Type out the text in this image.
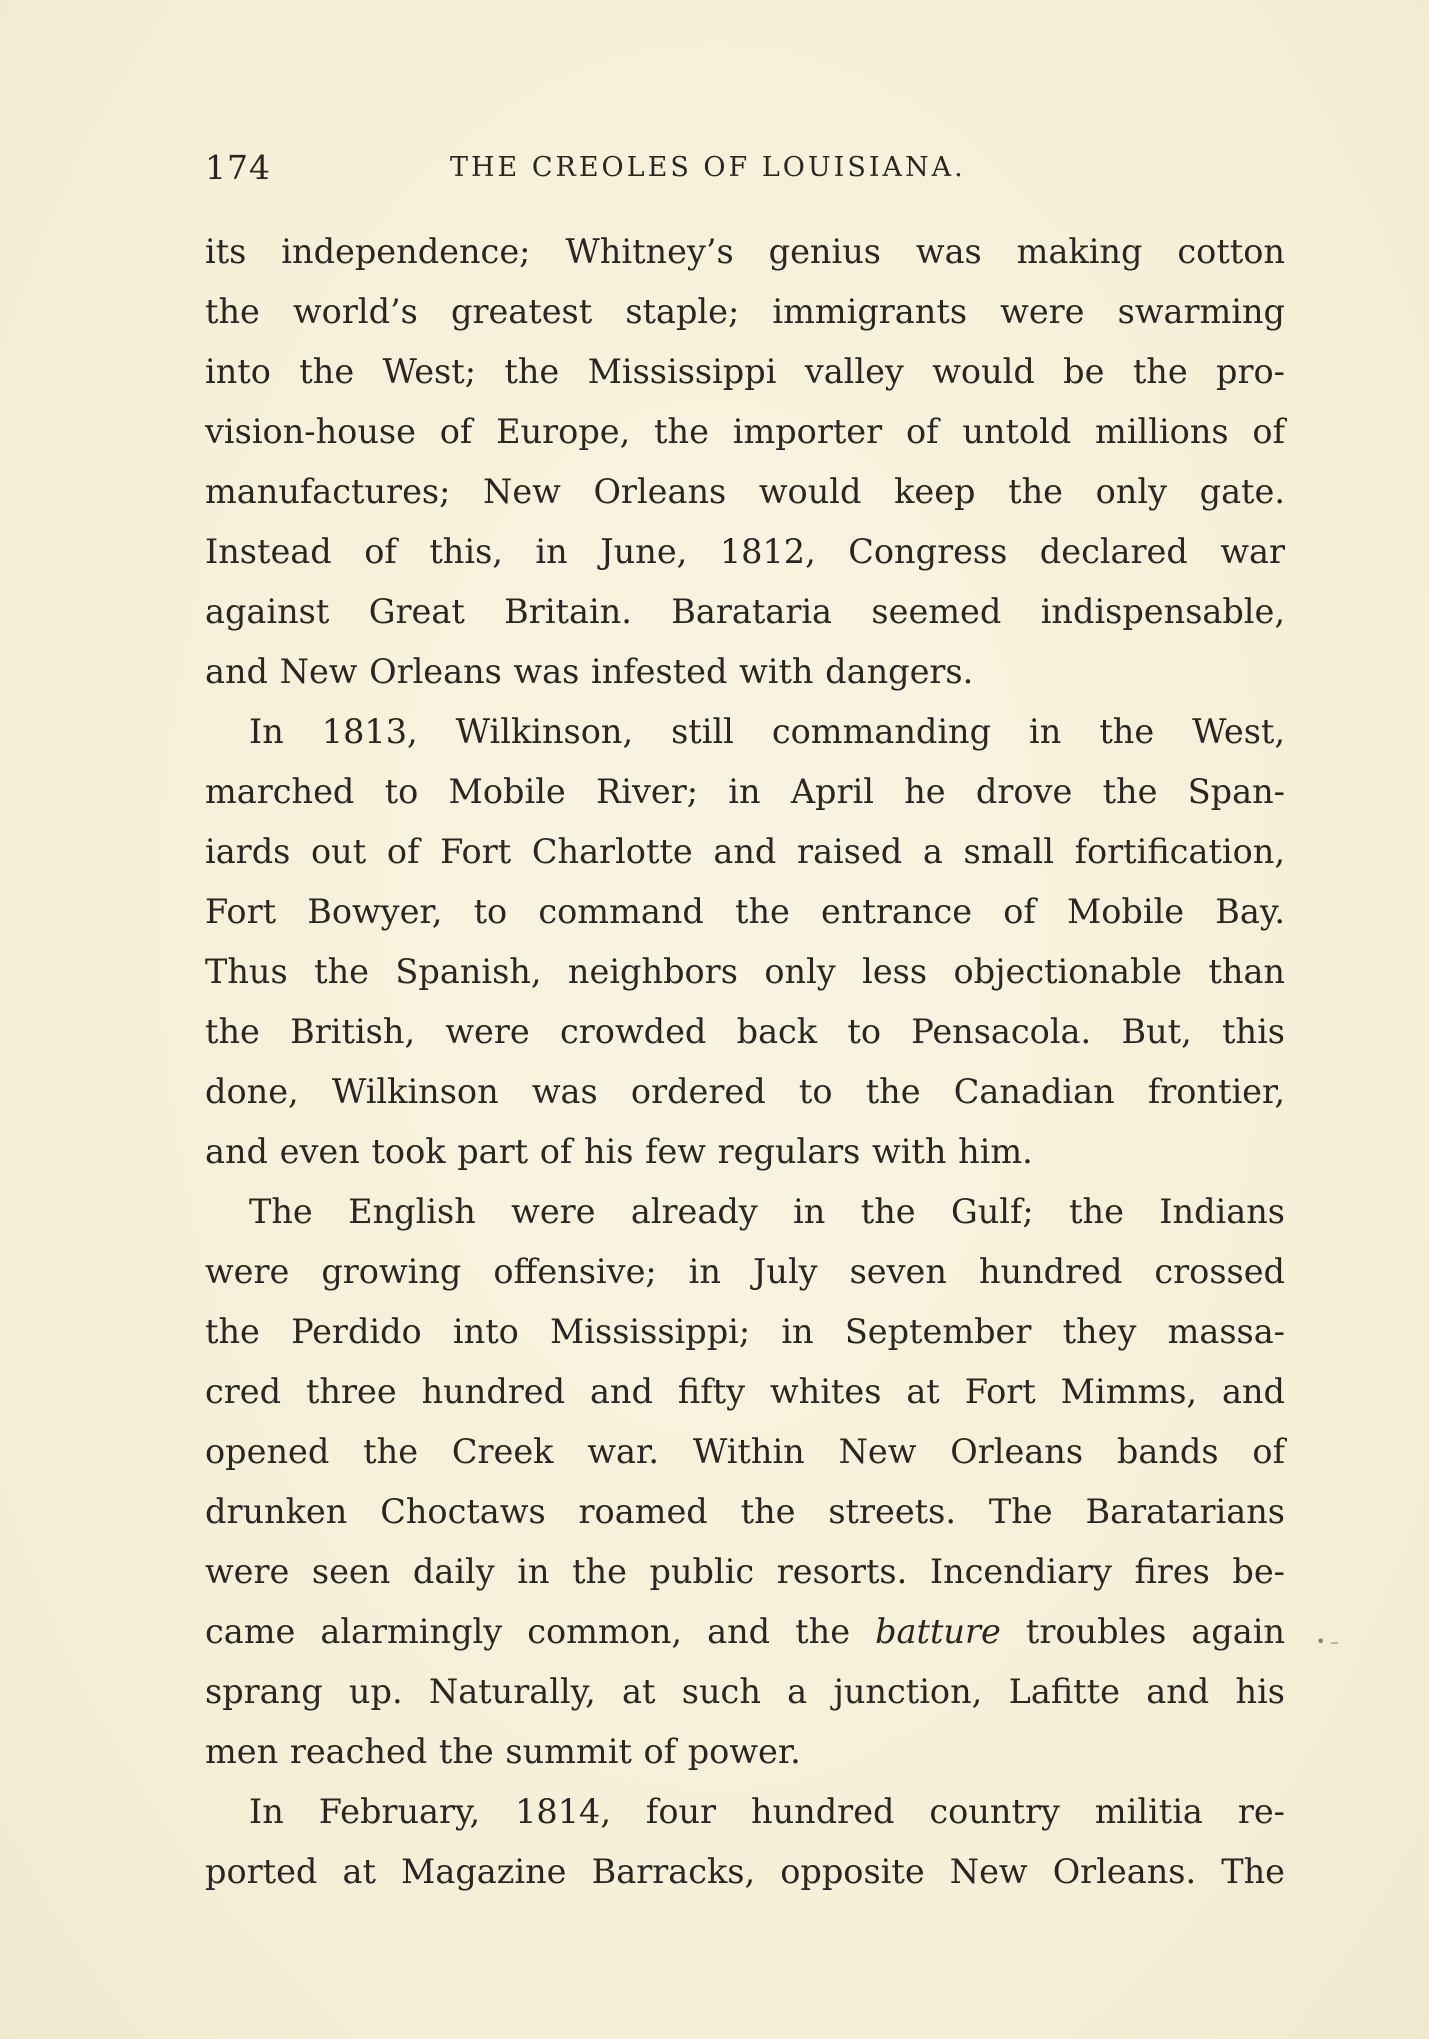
174	THE CREOLES OF LOUISIANA.
its independence; Whitney’s genius was making cotton
the world’s greatest staple; immigrants were swarming
into the West; the Mississippi valley would be the pro-
vision-house of Europe, the importer of untold millions of
manufactures; New Orleans would keep the only gate.
Instead of this, in June, 1812, Congress declared war
against Great Britain. Barataria seemed indispensable,
and New Orleans was infested with dangers.
In 1813, Wilkinson, still commanding in the West,
marched to Mobile River; in April he drove the Span-
iards out of Fort Charlotte and raised a small fortification,
Fort Bowyer, to command the entrance of Mobile Bay.
Thus the Spanish, neighbors only less objectionable than
the British, were crowded back to Pensacola. But, this
done, Wilkinson was ordered to the Canadian frontier,
and even took part of his few regulars with him.
The English were already in the Gulf; the Indians
were growing offensive; in July seven hundred crossed
the Perdido into Mississippi; in September they massa-
cred three hundred and fifty whites at Fort Mimms, and
opened the Creek war. Within New Orleans bands of
drunken Choctaws roamed the streets. The Baratarians
were seen daily in the public resorts. Incendiary fires be-
came alarmingly common, and the batture troubles again
sprang up. Naturally, at such a junction, Lafitte and his
men reached the summit of power.
In February, 1814, four hundred country militia re-
ported at Magazine Barracks, opposite New Orleans. The
• –
